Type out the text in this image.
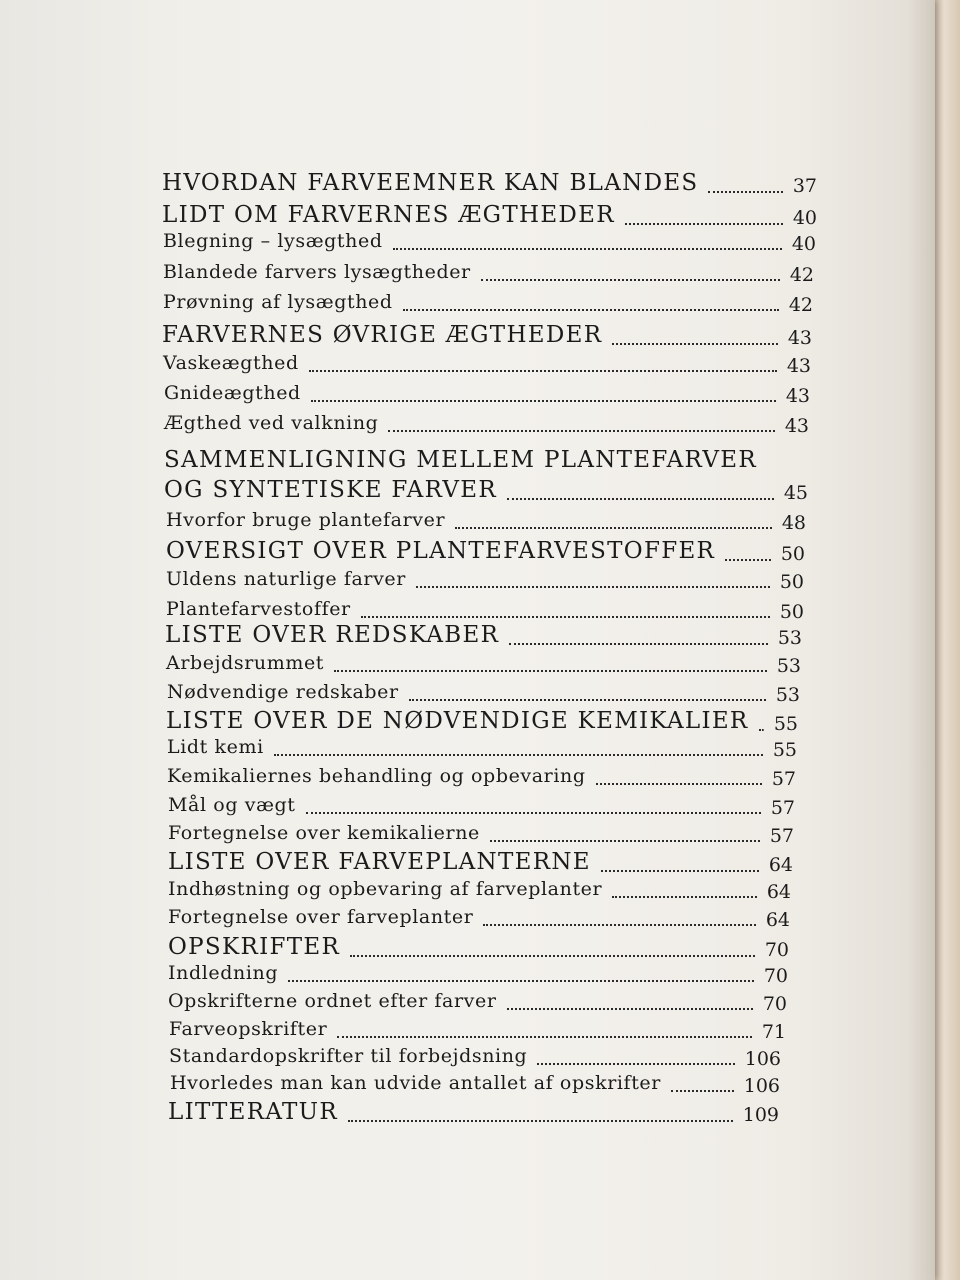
HVORDAN FARVEEMNER KAN BLANDES	37
LIDT OM FARVERNES ÆGTHEDER	40
Blegning – lysægthed	40
Blandede farvers lysægtheder	42
Prøvning af lysægthed	42
FARVERNES ØVRIGE ÆGTHEDER	43
Vaskeægthed	43
Gnideægthed	43
Ægthed ved valkning	43
SAMMENLIGNING MELLEM PLANTEFARVER
OG SYNTETISKE FARVER	45
Hvorfor bruge plantefarver	48
OVERSIGT OVER PLANTEFARVESTOFFER	50
Uldens naturlige farver	50
Plantefarvestoffer	50
LISTE OVER REDSKABER	53
Arbejdsrummet	53
Nødvendige redskaber	53
LISTE OVER DE NØDVENDIGE KEMIKALIER 55
Lidt kemi	55
Kemikaliernes behandling og opbevaring	57
Mål og vægt	57
Fortegnelse over kemikalierne	57
LISTE OVER FARVEPLANTERNE	64
Indhøstning og opbevaring af farveplanter	64
Fortegnelse over farveplanter	64
OPSKRIFTER	70
Indledning	70
Opskrifterne ordnet efter farver	70
Farveopskrifter	71
Standardopskrifter til forbejdsning	106
Hvorledes man kan udvide antallet af opskrifter	106
LITTERATUR	109
